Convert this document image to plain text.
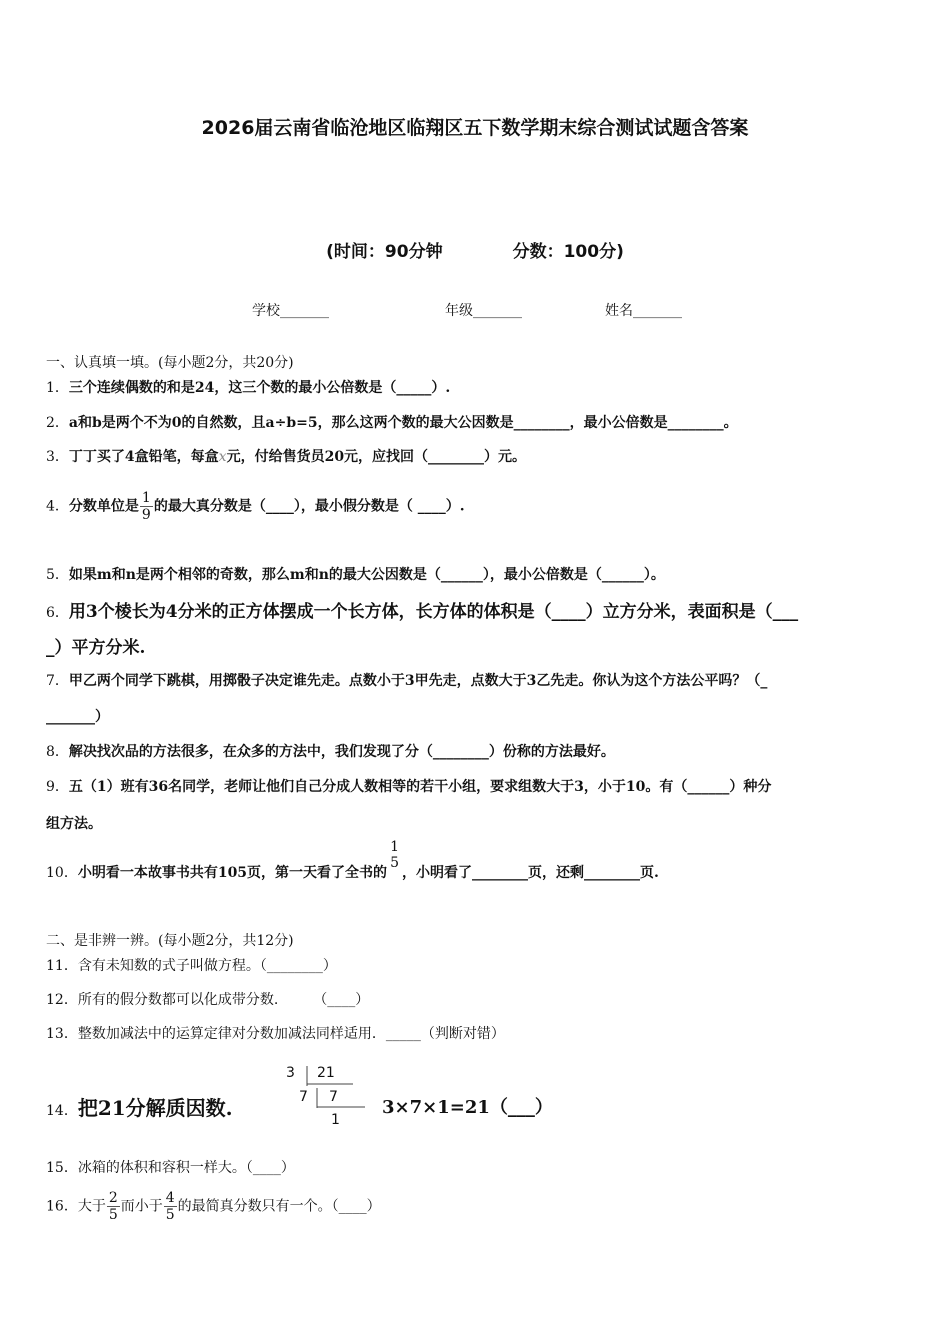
2026届云南省临沧地区临翔区五下数学期末综合测试试题含答案
(时间：90分钟	分数：100分)
学校_______	年级_______	姓名_______
一、认真填一填。(每小题2分，共20分)
1．三个连续偶数的和是24，这三个数的最小公倍数是（_____）.
2．a和b是两个不为0的自然数，且a÷b=5，那么这两个数的最大公因数是________，最小公倍数是________。
3．丁丁买了4盒铅笔，每盒x元，付给售货员20元，应找回（________）元。
4．分数单位是 $\frac{1}{9}$ 的最大真分数是（____），最小假分数是（ ____）.
5．如果m和n是两个相邻的奇数，那么m和n的最大公因数是（______），最小公倍数是（______）。
6．用3个棱长为4分米的正方体摆成一个长方体，长方体的体积是（____）立方分米，表面积是（___
_）平方分米.
7．甲乙两个同学下跳棋，用掷骰子决定谁先走。点数小于3甲先走，点数大于3乙先走。你认为这个方法公平吗？（_
_______）
8．解决找次品的方法很多，在众多的方法中，我们发现了分（________）份称的方法最好。
9．五（1）班有36名同学，老师让他们自己分成人数相等的若干小组，要求组数大于3，小于10。有（______）种分
组方法。
10．小明看一本故事书共有105页，第一天看了全书的
1
5
，小明看了________页，还剩________页.
二、是非辨一辨。(每小题2分，共12分)
11．含有未知数的式子叫做方程。（________）
12．所有的假分数都可以化成带分数.　　　（____）
13．整数加减法中的运算定律对分数加减法同样适用．_____（判断对错）
14．把21分解质因数.
3 21
7 7
1
3×7×1=21（___）
15．冰箱的体积和容积一样大。（____）
16．大于 $\frac{2}{5}$ 而小于 $\frac{4}{5}$ 的最简真分数只有一个。（____）
